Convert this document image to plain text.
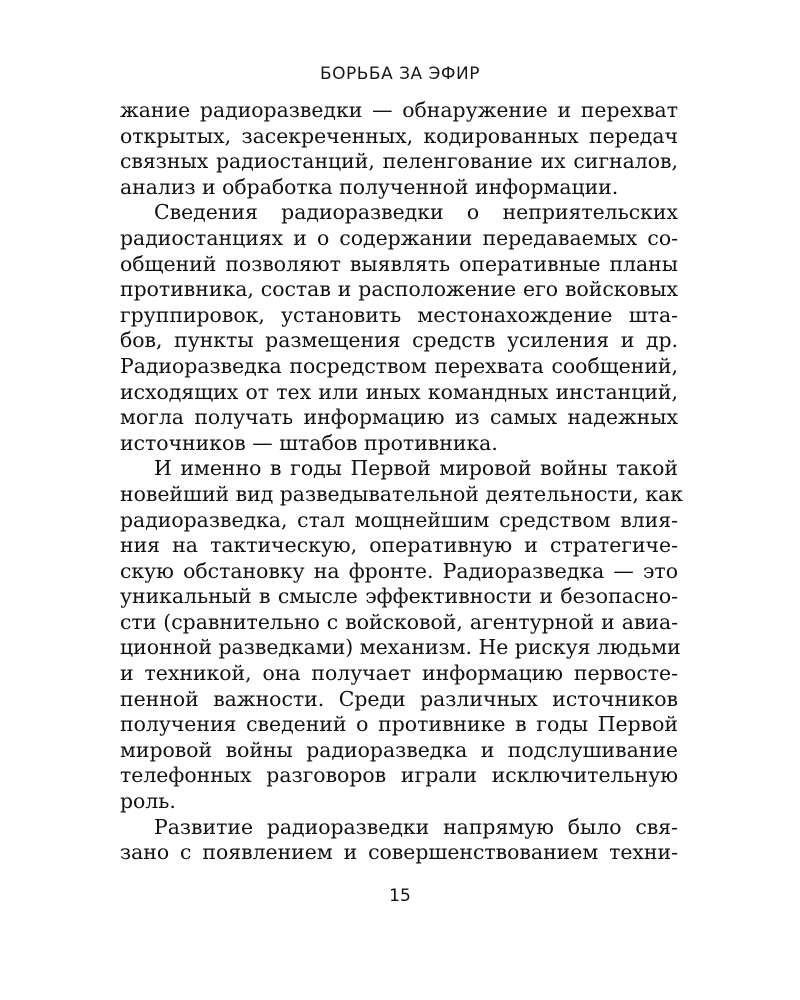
БОРЬБА ЗА ЭФИР
жание радиоразведки — обнаружение и перехват
открытых, засекреченных, кодированных передач
связных радиостанций, пеленгование их сигналов,
анализ и обработка полученной информации.
Сведения радиоразведки о неприятельских
радиостанциях и о содержании передаваемых со-
общений позволяют выявлять оперативные планы
противника, состав и расположение его войсковых
группировок, установить местонахождение шта-
бов, пункты размещения средств усиления и др.
Радиоразведка посредством перехвата сообщений,
исходящих от тех или иных командных инстанций,
могла получать информацию из самых надежных
источников — штабов противника.
И именно в годы Первой мировой войны такой
новейший вид разведывательной деятельности, как
радиоразведка, стал мощнейшим средством влия-
ния на тактическую, оперативную и стратегиче-
скую обстановку на фронте. Радиоразведка — это
уникальный в смысле эффективности и безопасно-
сти (сравнительно с войсковой, агентурной и авиа-
ционной разведками) механизм. Не рискуя людьми
и техникой, она получает информацию первосте-
пенной важности. Среди различных источников
получения сведений о противнике в годы Первой
мировой войны радиоразведка и подслушивание
телефонных разговоров играли исключительную
роль.
Развитие радиоразведки напрямую было свя-
зано с появлением и совершенствованием техни-
15
